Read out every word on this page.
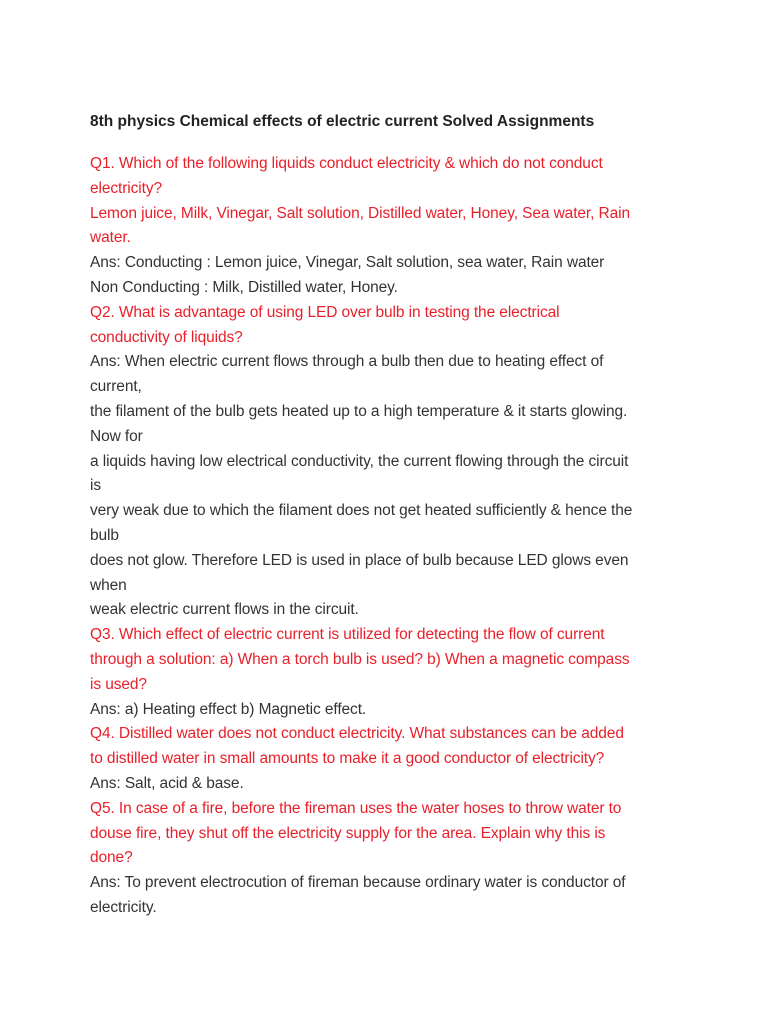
8th physics Chemical effects of electric current Solved Assignments
Q1. Which of the following liquids conduct electricity & which do not conduct
electricity?
Lemon juice, Milk, Vinegar, Salt solution, Distilled water, Honey, Sea water, Rain
water.
Ans: Conducting : Lemon juice, Vinegar, Salt solution, sea water, Rain water
Non Conducting : Milk, Distilled water, Honey.
Q2. What is advantage of using LED over bulb in testing the electrical
conductivity of liquids?
Ans: When electric current flows through a bulb then due to heating effect of
current,
the filament of the bulb gets heated up to a high temperature & it starts glowing.
Now for
a liquids having low electrical conductivity, the current flowing through the circuit
is
very weak due to which the filament does not get heated sufficiently & hence the
bulb
does not glow. Therefore LED is used in place of bulb because LED glows even
when
weak electric current flows in the circuit.
Q3. Which effect of electric current is utilized for detecting the flow of current
through a solution: a) When a torch bulb is used? b) When a magnetic compass
is used?
Ans: a) Heating effect b) Magnetic effect.
Q4. Distilled water does not conduct electricity. What substances can be added
to distilled water in small amounts to make it a good conductor of electricity?
Ans: Salt, acid & base.
Q5. In case of a fire, before the fireman uses the water hoses to throw water to
douse fire, they shut off the electricity supply for the area. Explain why this is
done?
Ans: To prevent electrocution of fireman because ordinary water is conductor of
electricity.
